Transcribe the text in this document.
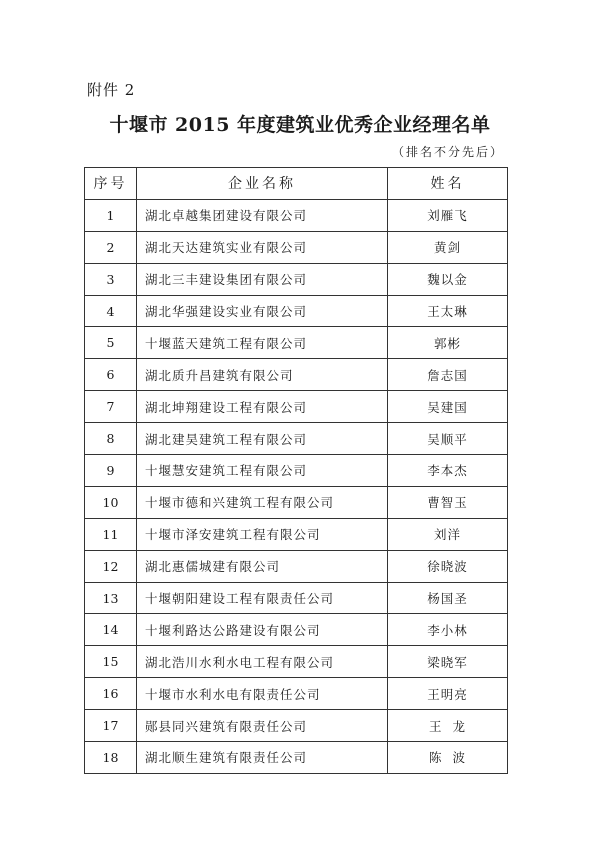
附件 2
十堰市 2015 年度建筑业优秀企业经理名单
（排名不分先后）
序号	企业名称	姓名
1	湖北卓越集团建设有限公司	刘雁飞
2	湖北天达建筑实业有限公司	黄剑
3	湖北三丰建设集团有限公司	魏以金
4	湖北华强建设实业有限公司	王太琳
5	十堰蓝天建筑工程有限公司	郭彬
6	湖北质升昌建筑有限公司	詹志国
7	湖北坤翔建设工程有限公司	吴建国
8	湖北建昊建筑工程有限公司	吴顺平
9	十堰慧安建筑工程有限公司	李本杰
10	十堰市德和兴建筑工程有限公司	曹智玉
11	十堰市泽安建筑工程有限公司	刘洋
12	湖北惠儒城建有限公司	徐晓波
13	十堰朝阳建设工程有限责任公司	杨国圣
14	十堰利路达公路建设有限公司	李小林
15	湖北浩川水利水电工程有限公司	梁晓军
16	十堰市水利水电有限责任公司	王明亮
17	郧县同兴建筑有限责任公司	王  龙
18	湖北顺生建筑有限责任公司	陈  波
